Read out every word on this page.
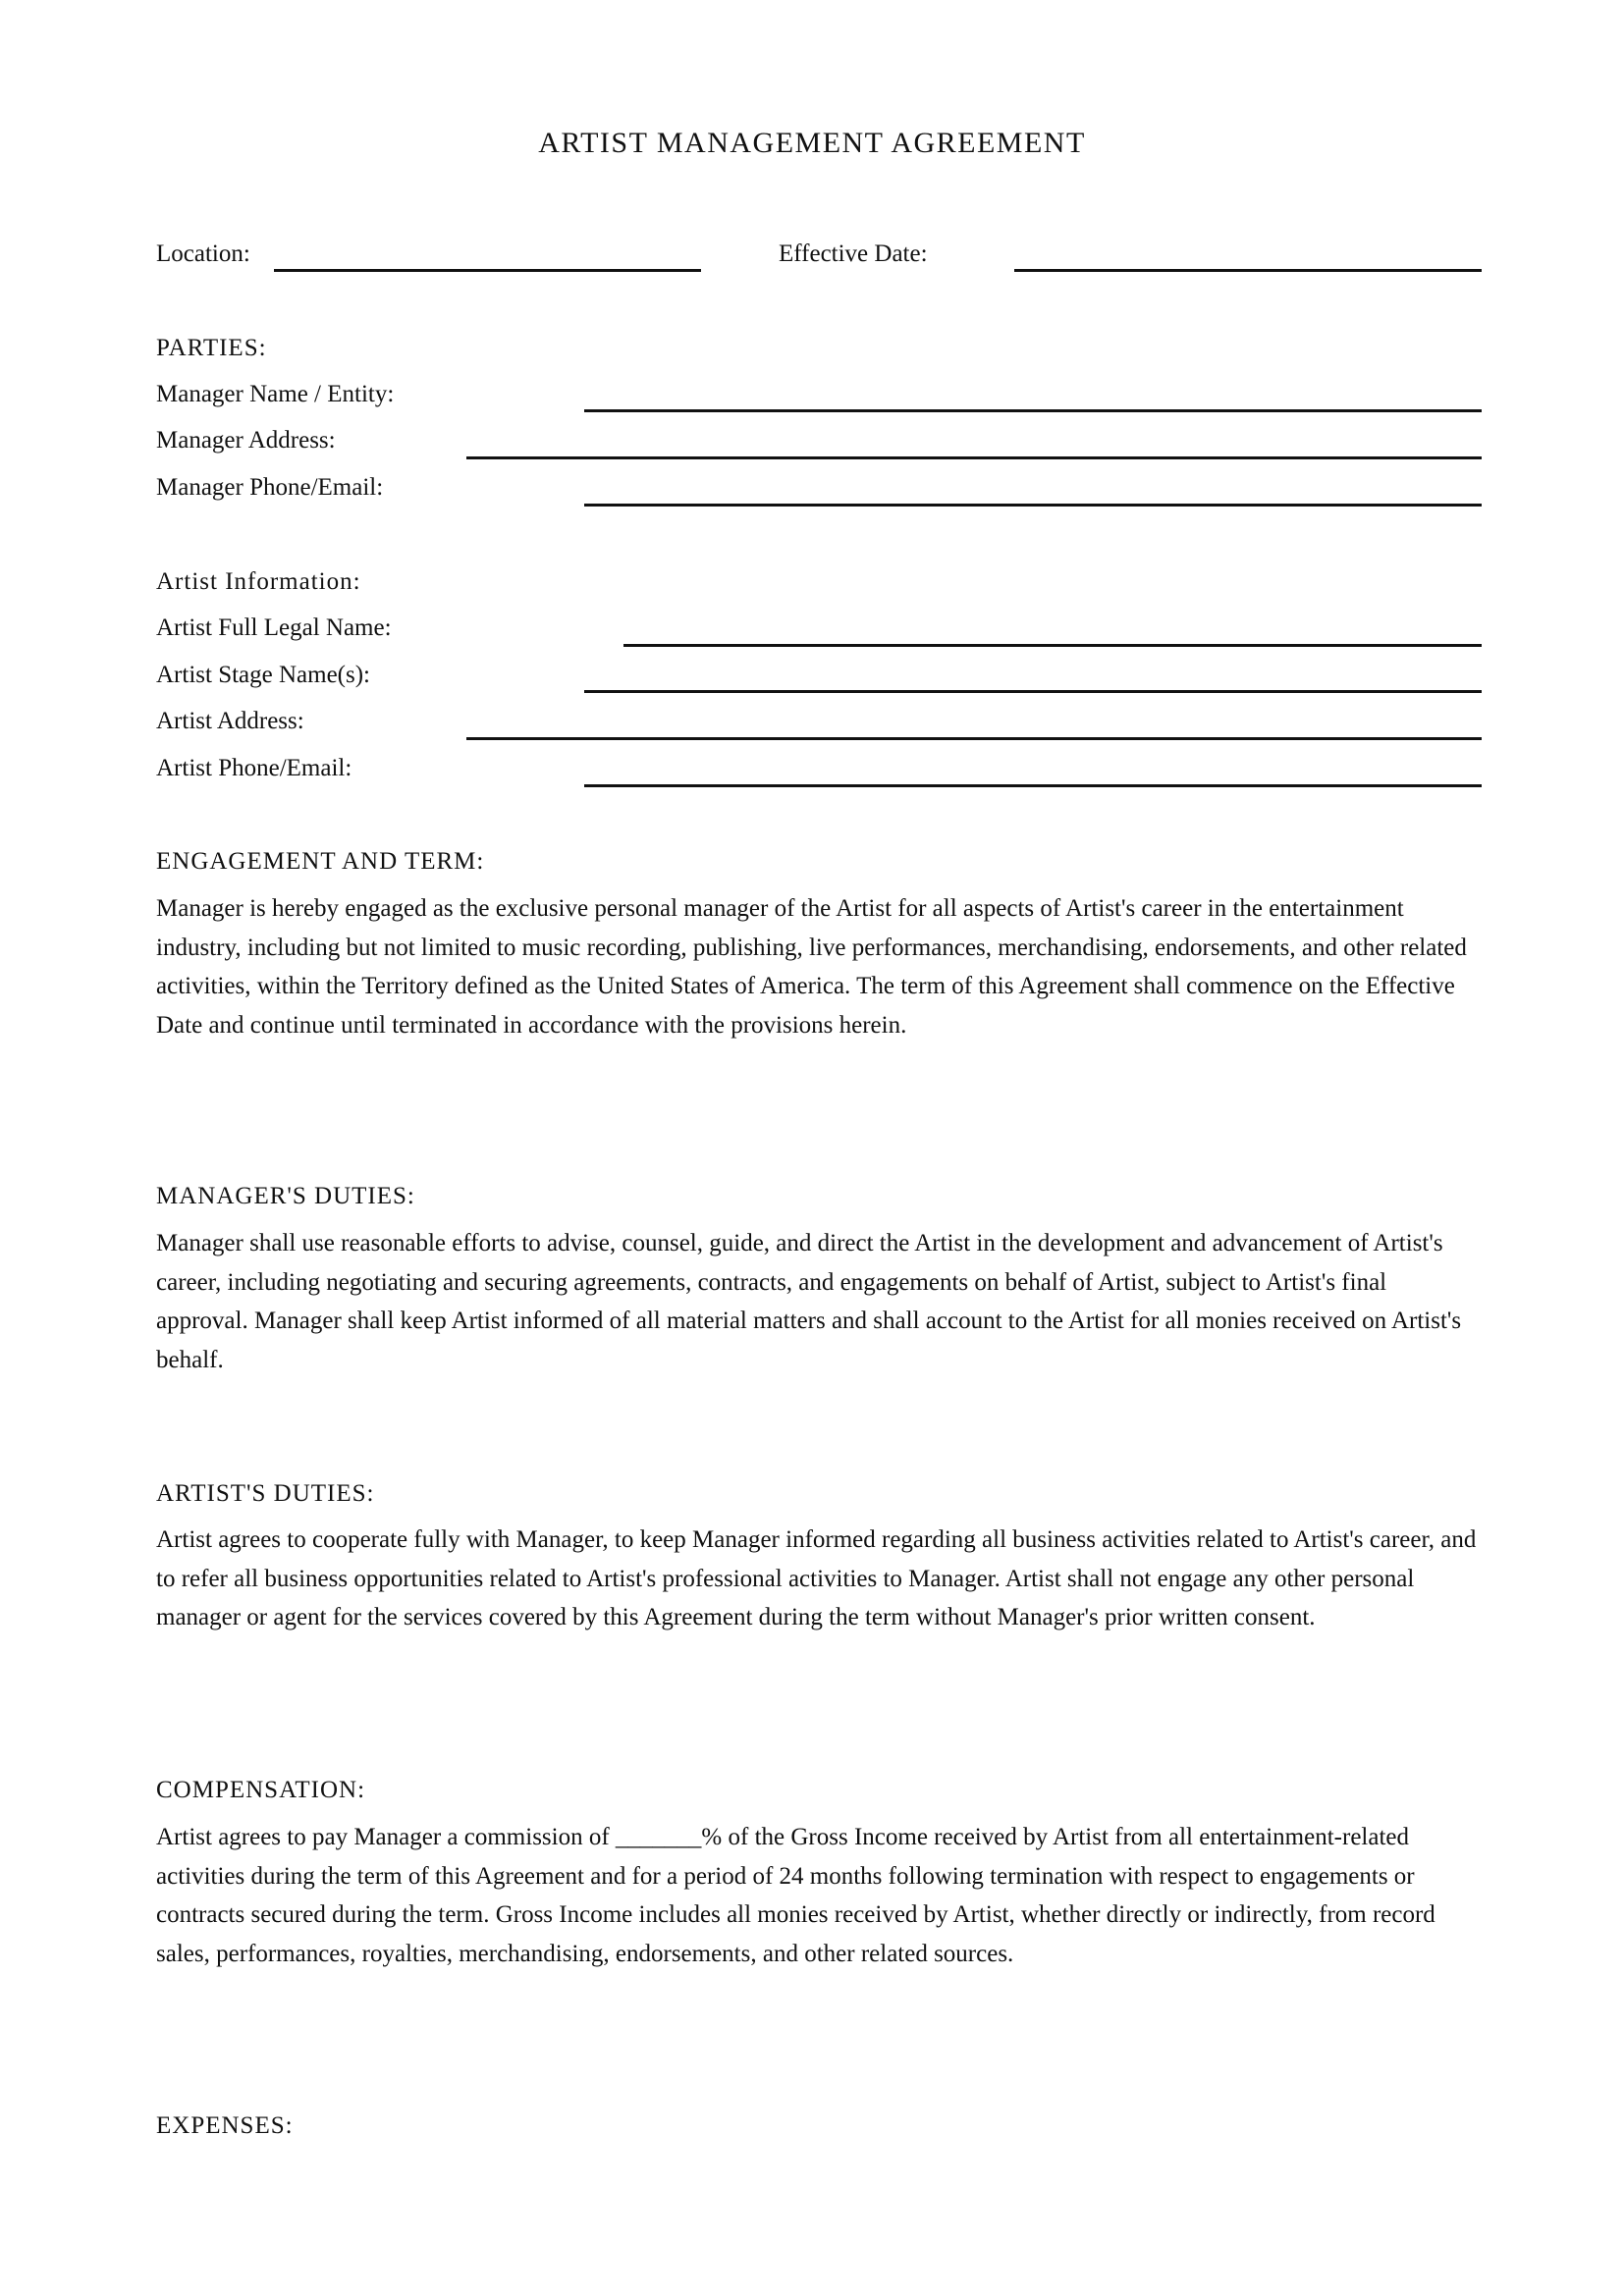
ARTIST MANAGEMENT AGREEMENT
Location:	Effective Date:
PARTIES:
Manager Name / Entity:
Manager Address:
Manager Phone/Email:
Artist Information:
Artist Full Legal Name:
Artist Stage Name(s):
Artist Address:
Artist Phone/Email:
ENGAGEMENT AND TERM:
Manager is hereby engaged as the exclusive personal manager of the Artist for all aspects of Artist's career in the entertainment industry, including but not limited to music recording, publishing, live performances, merchandising, endorsements, and other related activities, within the Territory defined as the United States of America. The term of this Agreement shall commence on the Effective Date and continue until terminated in accordance with the provisions herein.
MANAGER'S DUTIES:
Manager shall use reasonable efforts to advise, counsel, guide, and direct the Artist in the development and advancement of Artist's career, including negotiating and securing agreements, contracts, and engagements on behalf of Artist, subject to Artist's final approval. Manager shall keep Artist informed of all material matters and shall account to the Artist for all monies received on Artist's behalf.
ARTIST'S DUTIES:
Artist agrees to cooperate fully with Manager, to keep Manager informed regarding all business activities related to Artist's career, and to refer all business opportunities related to Artist's professional activities to Manager. Artist shall not engage any other personal manager or agent for the services covered by this Agreement during the term without Manager's prior written consent.
COMPENSATION:
Artist agrees to pay Manager a commission of _______% of the Gross Income received by Artist from all entertainment-related activities during the term of this Agreement and for a period of 24 months following termination with respect to engagements or contracts secured during the term. Gross Income includes all monies received by Artist, whether directly or indirectly, from record sales, performances, royalties, merchandising, endorsements, and other related sources.
EXPENSES:
